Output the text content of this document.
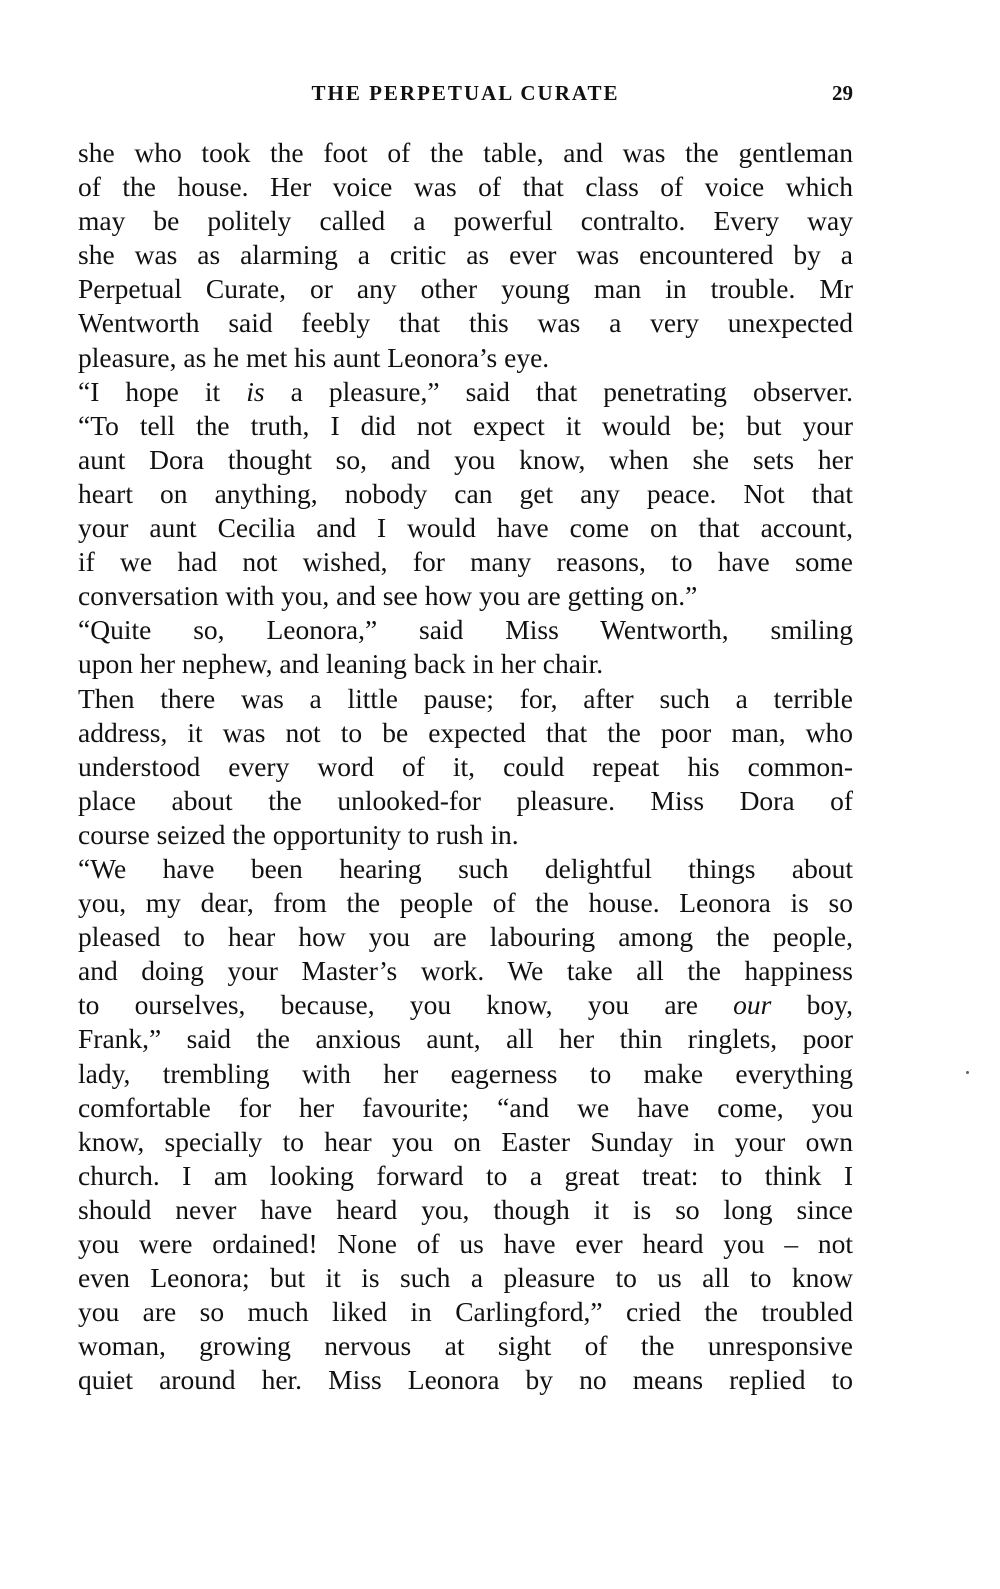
THE PERPETUAL CURATE	29
she who took the foot of the table, and was the gentleman
of the house. Her voice was of that class of voice which
may be politely called a powerful contralto. Every way
she was as alarming a critic as ever was encountered by a
Perpetual Curate, or any other young man in trouble. Mr
Wentworth said feebly that this was a very unexpected
pleasure, as he met his aunt Leonora’s eye.
“I hope it is a pleasure,” said that penetrating observer.
“To tell the truth, I did not expect it would be; but your
aunt Dora thought so, and you know, when she sets her
heart on anything, nobody can get any peace. Not that
your aunt Cecilia and I would have come on that account,
if we had not wished, for many reasons, to have some
conversation with you, and see how you are getting on.”
“Quite so, Leonora,” said Miss Wentworth, smiling
upon her nephew, and leaning back in her chair.
Then there was a little pause; for, after such a terrible
address, it was not to be expected that the poor man, who
understood every word of it, could repeat his common-
place about the unlooked-for pleasure. Miss Dora of
course seized the opportunity to rush in.
“We have been hearing such delightful things about
you, my dear, from the people of the house. Leonora is so
pleased to hear how you are labouring among the people,
and doing your Master’s work. We take all the happiness
to ourselves, because, you know, you are our boy,
Frank,” said the anxious aunt, all her thin ringlets, poor
lady, trembling with her eagerness to make everything
comfortable for her favourite; “and we have come, you
know, specially to hear you on Easter Sunday in your own
church. I am looking forward to a great treat: to think I
should never have heard you, though it is so long since
you were ordained! None of us have ever heard you – not
even Leonora; but it is such a pleasure to us all to know
you are so much liked in Carlingford,” cried the troubled
woman, growing nervous at sight of the unresponsive
quiet around her. Miss Leonora by no means replied to
